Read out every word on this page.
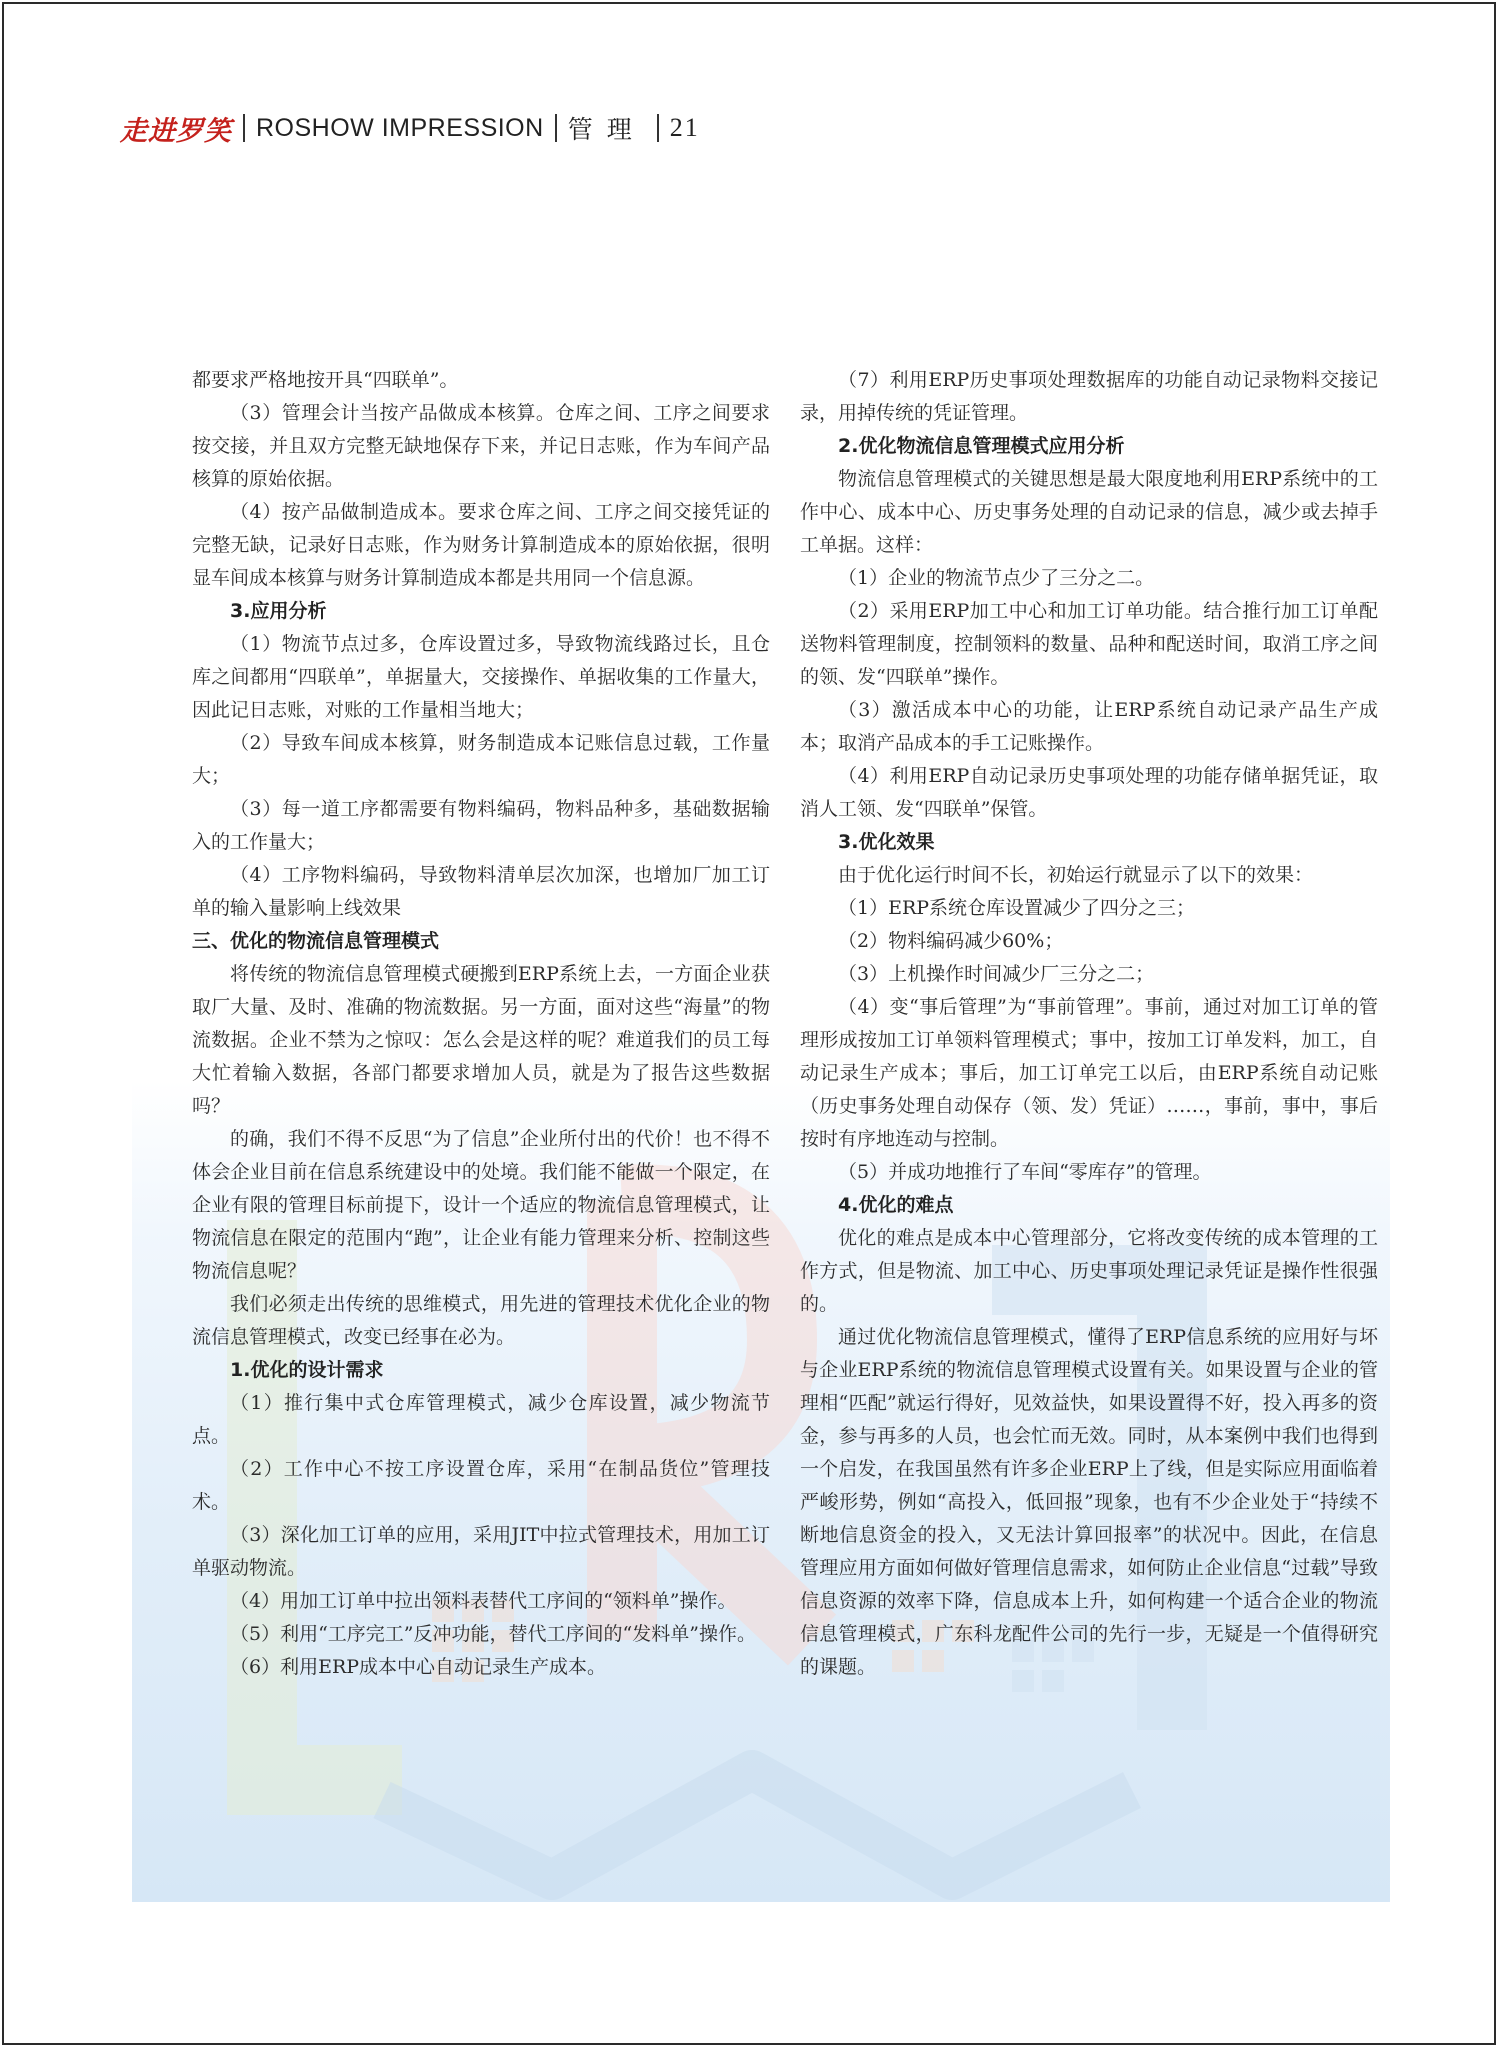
走进罗笑 ROSHOW IMPRESSION 管理 21

都要求严格地按开具“四联单”。

（3）管理会计当按产品做成本核算。仓库之间、工序之间要求按交接，并且双方完整无缺地保存下来，并记日志账，作为车间产品核算的原始依据。

（4）按产品做制造成本。要求仓库之间、工序之间交接凭证的完整无缺，记录好日志账，作为财务计算制造成本的原始依据，很明显车间成本核算与财务计算制造成本都是共用同一个信息源。

3.应用分析

（1）物流节点过多，仓库设置过多，导致物流线路过长，且仓库之间都用“四联单”，单据量大，交接操作、单据收集的工作量大，因此记日志账，对账的工作量相当地大；

（2）导致车间成本核算，财务制造成本记账信息过载，工作量大；

（3）每一道工序都需要有物料编码，物料品种多，基础数据输入的工作量大；

（4）工序物料编码，导致物料清单层次加深，也增加厂加工订单的输入量影响上线效果

三、优化的物流信息管理模式

将传统的物流信息管理模式硬搬到ERP系统上去，一方面企业获取厂大量、及时、准确的物流数据。另一方面，面对这些“海量”的物流数据。企业不禁为之惊叹：怎么会是这样的呢？难道我们的员工每大忙着输入数据，各部门都要求增加人员，就是为了报告这些数据吗？

的确，我们不得不反思“为了信息”企业所付出的代价！也不得不体会企业目前在信息系统建设中的处境。我们能不能做一个限定，在企业有限的管理目标前提下，设计一个适应的物流信息管理模式，让物流信息在限定的范围内“跑”，让企业有能力管理来分析、控制这些物流信息呢？

我们必须走出传统的思维模式，用先进的管理技术优化企业的物流信息管理模式，改变已经事在必为。

1.优化的设计需求

（1）推行集中式仓库管理模式，减少仓库设置，减少物流节点。

（2）工作中心不按工序设置仓库，采用“在制品货位”管理技术。

（3）深化加工订单的应用，采用JIT中拉式管理技术，用加工订单驱动物流。

（4）用加工订单中拉出领料表替代工序间的“领料单”操作。

（5）利用“工序完工”反冲功能，替代工序间的“发料单”操作。

（6）利用ERP成本中心自动记录生产成本。

（7）利用ERP历史事项处理数据库的功能自动记录物料交接记录，用掉传统的凭证管理。

2.优化物流信息管理模式应用分析

物流信息管理模式的关键思想是最大限度地利用ERP系统中的工作中心、成本中心、历史事务处理的自动记录的信息，减少或去掉手工单据。这样：

（1）企业的物流节点少了三分之二。

（2）采用ERP加工中心和加工订单功能。结合推行加工订单配送物料管理制度，控制领料的数量、品种和配送时间，取消工序之间的领、发“四联单”操作。

（3）激活成本中心的功能，让ERP系统自动记录产品生产成本；取消产品成本的手工记账操作。

（4）利用ERP自动记录历史事项处理的功能存储单据凭证，取消人工领、发“四联单”保管。

3.优化效果

由于优化运行时间不长，初始运行就显示了以下的效果：

（1）ERP系统仓库设置减少了四分之三；

（2）物料编码减少60%；

（3）上机操作时间减少厂三分之二；

（4）变“事后管理”为“事前管理”。事前，通过对加工订单的管理形成按加工订单领料管理模式；事中，按加工订单发料，加工，自动记录生产成本；事后，加工订单完工以后，由ERP系统自动记账（历史事务处理自动保存（领、发）凭证）……，事前，事中，事后按时有序地连动与控制。

（5）并成功地推行了车间“零库存”的管理。

4.优化的难点

优化的难点是成本中心管理部分，它将改变传统的成本管理的工作方式，但是物流、加工中心、历史事项处理记录凭证是操作性很强的。

通过优化物流信息管理模式，懂得了ERP信息系统的应用好与坏与企业ERP系统的物流信息管理模式设置有关。如果设置与企业的管理相“匹配”就运行得好，见效益快，如果设置得不好，投入再多的资金，参与再多的人员，也会忙而无效。同时，从本案例中我们也得到一个启发，在我国虽然有许多企业ERP上了线，但是实际应用面临着严峻形势，例如“高投入，低回报”现象，也有不少企业处于“持续不断地信息资金的投入，又无法计算回报率”的状况中。因此，在信息管理应用方面如何做好管理信息需求，如何防止企业信息“过载”导致信息资源的效率下降，信息成本上升，如何构建一个适合企业的物流信息管理模式，广东科龙配件公司的先行一步，无疑是一个值得研究的课题。
